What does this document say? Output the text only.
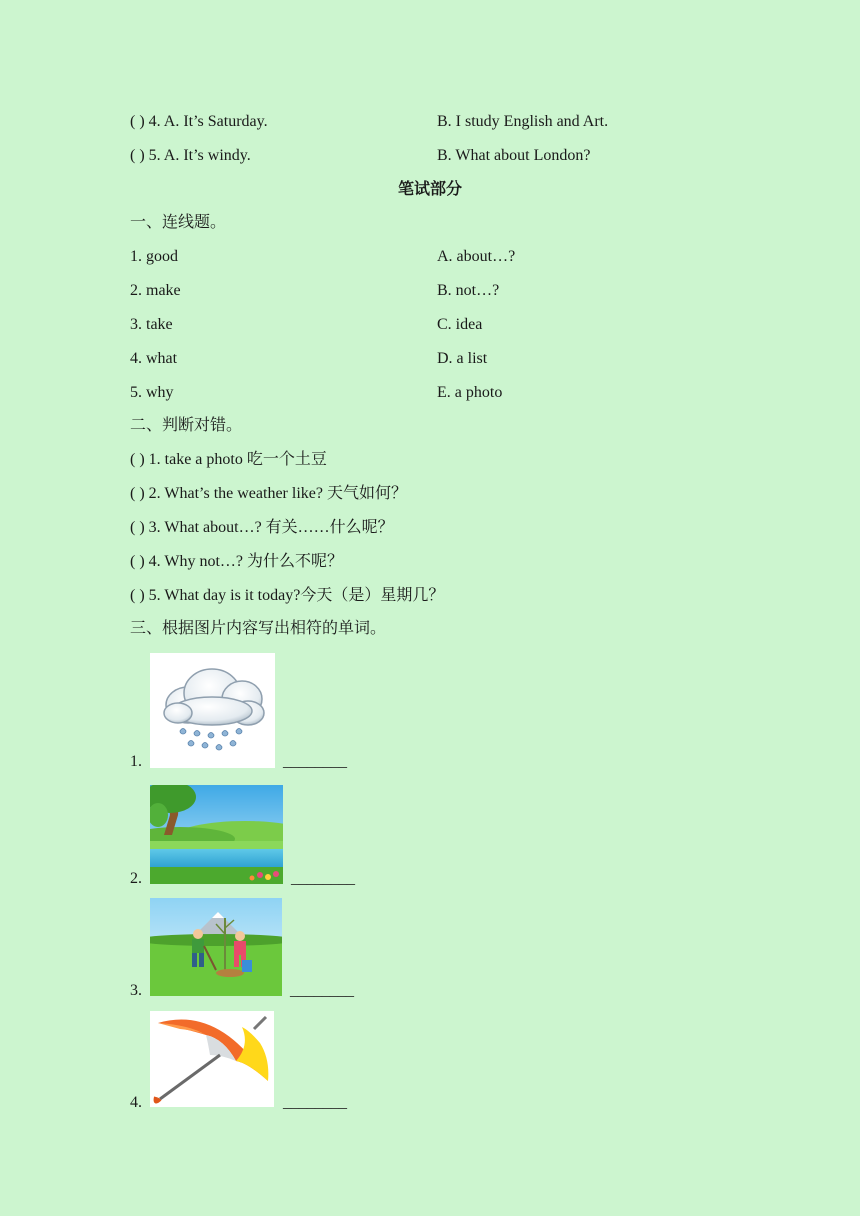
( ) 4. A. It’s Saturday.	B. I study English and Art.
( ) 5. A. It’s windy.	B. What about London?
笔试部分
一、连线题。
1. good	A. about…?
2. make	B. not…?
3. take	C. idea
4. what	D. a list
5. why	E. a photo
二、判断对错。
( ) 1. take a photo 吃一个土豆
( ) 2. What’s the weather like? 天气如何？
( ) 3. What about…? 有关……什么呢？
( ) 4. Why not…? 为什么不呢？
( ) 5. What day is it today?今天（是）星期几？
三、根据图片内容写出相符的单词。
1.	________
2.	________
3.	________
4.	________
